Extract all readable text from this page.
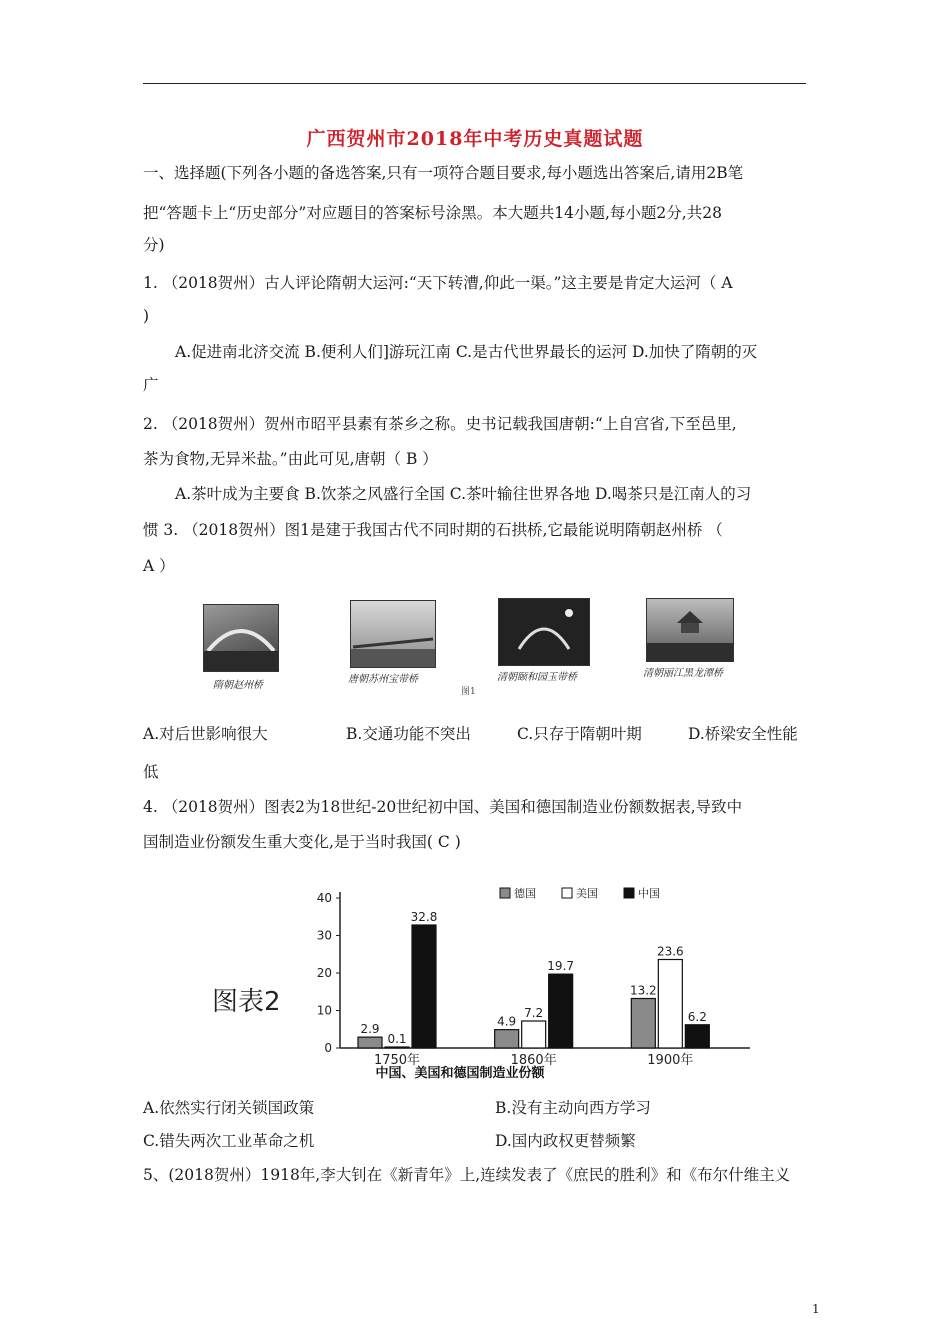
广西贺州市2018年中考历史真题试题
一、选择题(下列各小题的备选答案,只有一项符合题目要求,每小题选出答案后,请用2B笔
把“答题卡上“历史部分”对应题目的答案标号涂黑。本大题共14小题,每小题2分,共28
分)
1. （2018贺州）古人评论隋朝大运河:“天下转漕,仰此一渠。”这主要是肯定大运河（ A
)
A.促进南北济交流 B.便利人们]游玩江南 C.是古代世界最长的运河 D.加快了隋朝的灭
广
2. （2018贺州）贺州市昭平县素有茶乡之称。史书记载我国唐朝:“上自宫省,下至邑里,
茶为食物,无异米盐。”由此可见,唐朝（ B ）
A.茶叶成为主要食 B.饮茶之风盛行全国 C.茶叶输往世界各地 D.喝茶只是江南人的习
惯 3. （2018贺州）图1是建于我国古代不同时期的石拱桥,它最能说明隋朝赵州桥 （
A ）
隋朝赵州桥
唐朝苏州宝带桥	清朝颐和园玉带桥	清朝丽江黑龙潭桥
图1
A.对后世影响很大	B.交通功能不突出	C.只存于隋朝叶期	D.桥梁安全性能
低
4. （2018贺州）图表2为18世纪-20世纪初中国、美国和德国制造业份额数据表,导致中
国制造业份额发生重大变化,是于当时我国( C )
图表2
中国、美国和德国制造业份额
0
10
20
30
40
2.9
0.1
32.8
1750年
4.9
7.2
19.7
1860年
13.2
23.6
6.2
1900年
德国	美国	中国
A.依然实行闭关锁国政策	B.没有主动向西方学习
C.错失两次工业革命之机	D.国内政权更替频繁
5、(2018贺州）1918年,李大钊在《新青年》上,连续发表了《庶民的胜利》和《布尔什维主义
1
